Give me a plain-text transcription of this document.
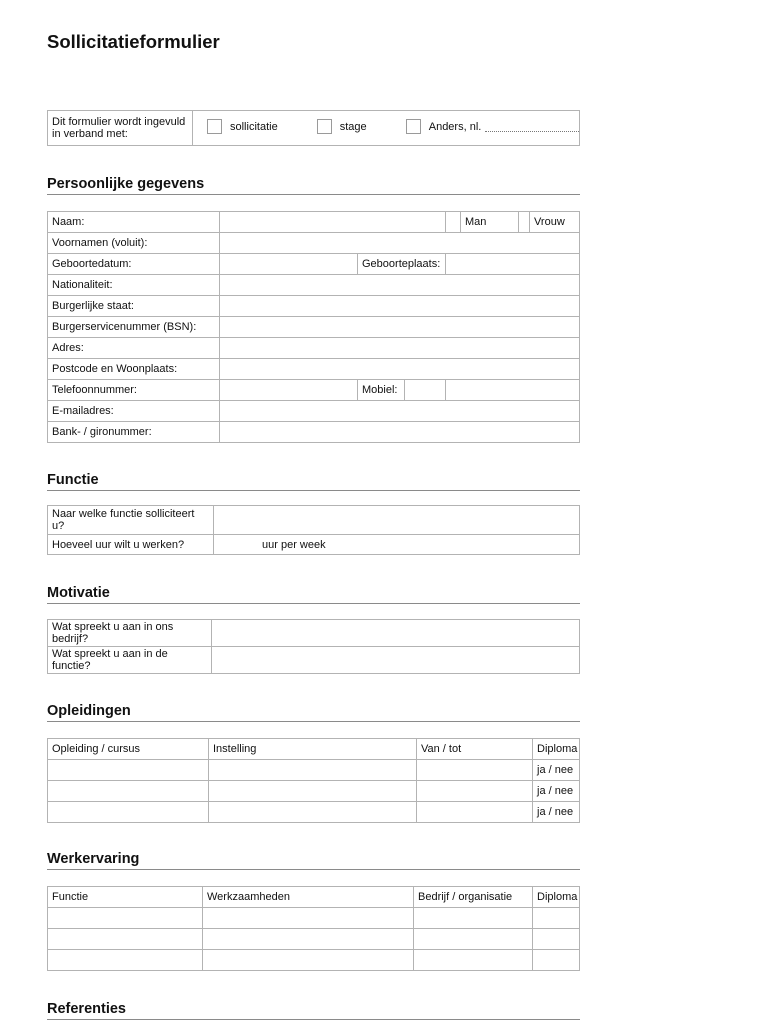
Sollicitatieformulier
Dit formulier wordt ingevuld in verband met:	
sollicitatie
	stage
	Anders, nl.
Persoonlijke gegevens
Naam:				Man		Vrouw
Voornamen (voluit):						
Geboortedatum:		Geboorteplaats:				
Nationaliteit:						
Burgerlijke staat:						
Burgerservicenummer (BSN):						
Adres:						
Postcode en Woonplaats:						
Telefoonnummer:		Mobiel:				

E-mailadres:						
Bank- / gironummer:						
Functie
Naar welke functie solliciteert u?	
Hoeveel uur wilt u werken?	uur per week
Motivatie
Wat spreekt u aan in ons bedrijf?	
Wat spreekt u aan in de functie?	
Opleidingen
Opleiding / cursus	Instelling	Van / tot	Diploma
			ja / nee
			ja / nee
			ja / nee
Werkervaring
Functie	Werkzaamheden	Bedrijf / organisatie	Diploma

Referenties
